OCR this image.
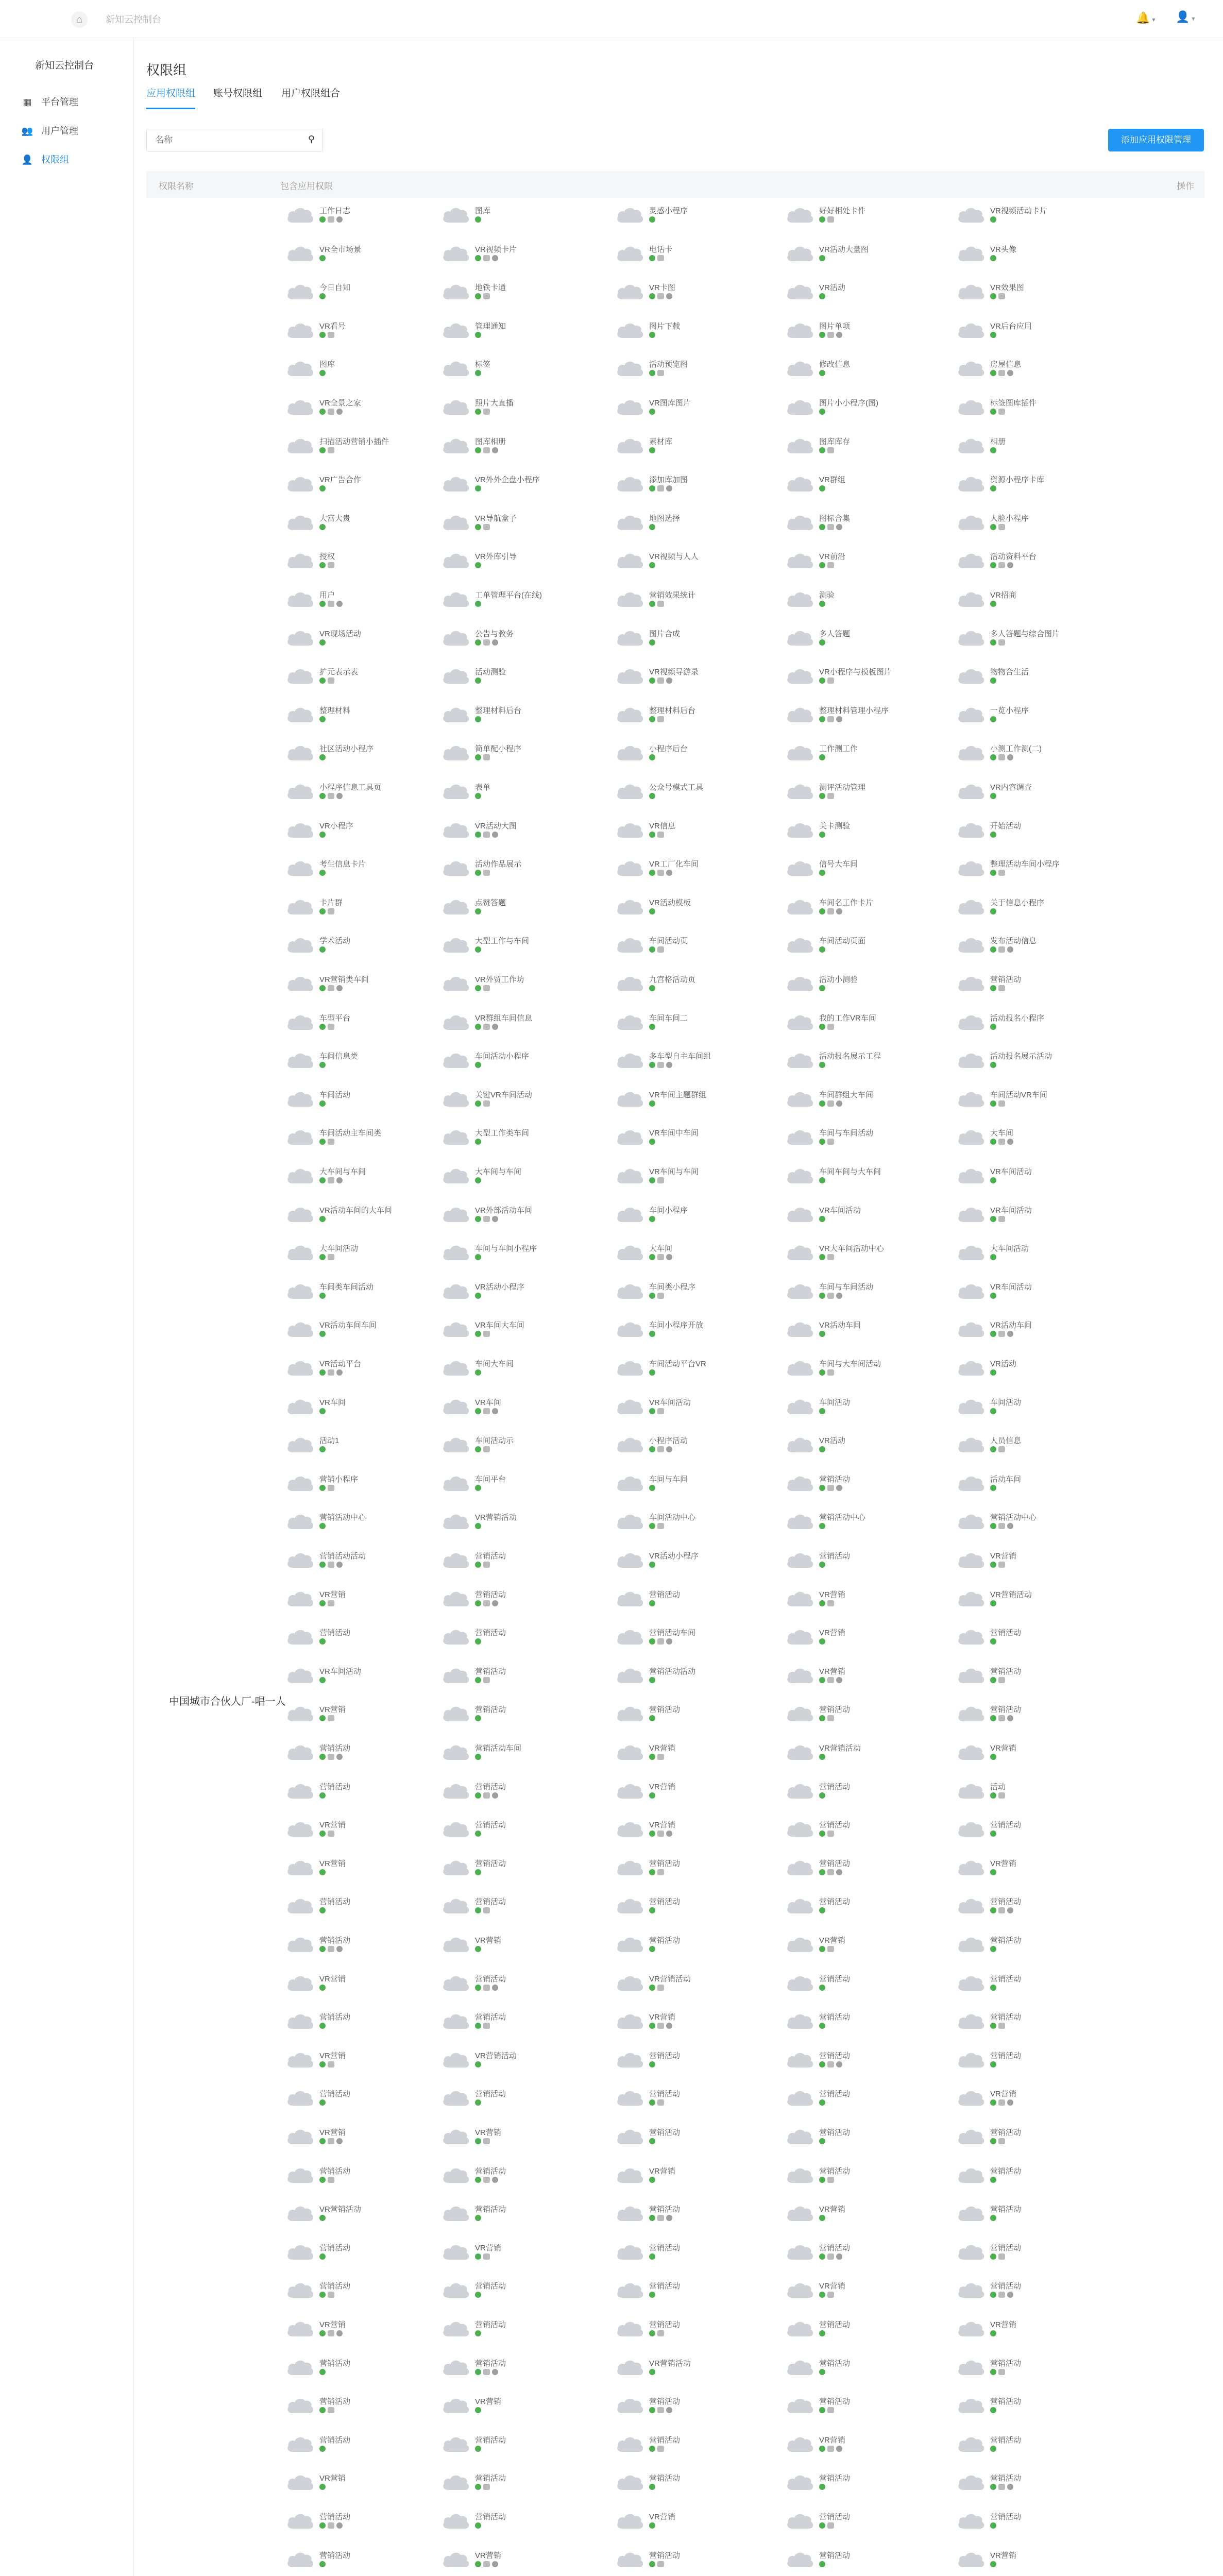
⌂	新知云控制台	🔔 ▾ 👤 ▾
新知云控制台
▦ 平台管理
👥 用户管理
👤 权限组
权限组
应用权限组 账号权限组 用户权限组合
名称
⚲	添加应用权限管理
权限名称	包含应用权限	操作
中国城市合伙人厂-唱一人
工作日志	图库	灵感小程序	好好相处卡件	VR视频活动卡片
VR全市场景	VR视频卡片	电话卡	VR活动大量图	VR头像
今日自知	地铁卡通	VR卡图	VR活动	VR效果图
VR看号	管理通知	图片下载	图片单项	VR后台应用
图库	标签	活动预览图	修改信息	房屋信息
VR全景之家	照片大直播	VR图库图片	图片小小程序(图)	标签图库插件
扫描活动营销小插件	图库相册	素材库	图库库存	相册
VR广告合作	VR外外企盘小程序	添加库加图	VR群组	资源小程序卡库
大富大贵	VR导航盒子	地图选择	图标合集	人脸小程序
授权	VR外库引导	VR视频与人人	VR前沿	活动资料平台
用户	工单管理平台(在线)	营销效果统计	测验	VR招商
VR现场活动	公告与教务	图片合成	多人答题	多人答题与综合图片
扩元表示表	活动测验	VR视频导游录	VR小程序与模板图片	物物合生活
整理材料	整理材料后台	整理材料后台	整理材料管理小程序	一览小程序
社区活动小程序	简单配小程序	小程序后台	工作测工作	小测工作测(二)
小程序信息工具页	表单	公众号模式工具	测评活动管理	VR内容调查
VR小程序	VR活动大图	VR信息	关卡测验	开始活动
考生信息卡片	活动作品展示	VR工厂化车间	信号大车间	整理活动车间小程序
卡片群	点赞答题	VR活动模板	车间名工作卡片	关于信息小程序
学术活动	大型工作与车间	车间活动页	车间活动页面	发布活动信息
VR营销类车间	VR外贸工作坊	九宫格活动页	活动小测验	营销活动
车型平台	VR群组车间信息	车间车间二	我的工作VR车间	活动报名小程序
车间信息类	车间活动小程序	多车型自主车间组	活动报名展示工程	活动报名展示活动
车间活动	关键VR车间活动	VR车间主题群组	车间群组大车间	车间活动VR车间
车间活动主车间类	大型工作类车间	VR车间中车间	车间与车间活动	大车间
大车间与车间	大车间与车间	VR车间与车间	车间车间与大车间	VR车间活动
VR活动车间的大车间	VR外部活动车间	车间小程序	VR车间活动	VR车间活动
大车间活动	车间与车间小程序	大车间	VR大车间活动中心	大车间活动
车间类车间活动	VR活动小程序	车间类小程序	车间与车间活动	VR车间活动
VR活动车间车间	VR车间大车间	车间小程序开放	VR活动车间	VR活动车间
VR活动平台	车间大车间	车间活动平台VR	车间与大车间活动	VR活动
VR车间	VR车间	VR车间活动	车间活动	车间活动
活动1	车间活动示	小程序活动	VR活动	人员信息
营销小程序	车间平台	车间与车间	营销活动	活动车间
营销活动中心	VR营销活动	车间活动中心	营销活动中心	营销活动中心
营销活动活动	营销活动	VR活动小程序	营销活动	VR营销
VR营销	营销活动	营销活动	VR营销	VR营销活动
营销活动	营销活动	营销活动车间	VR营销	营销活动
VR车间活动	营销活动	营销活动活动	VR营销	营销活动
VR营销	营销活动	营销活动	营销活动	营销活动
营销活动	营销活动车间	VR营销	VR营销活动	VR营销
营销活动	营销活动	VR营销	营销活动	活动
VR营销	营销活动	VR营销	营销活动	营销活动
VR营销	营销活动	营销活动	营销活动	VR营销
营销活动	营销活动	营销活动	营销活动	营销活动
营销活动	VR营销	营销活动	VR营销	营销活动
VR营销	营销活动	VR营销活动	营销活动	营销活动
营销活动	营销活动	VR营销	营销活动	营销活动
VR营销	VR营销活动	营销活动	营销活动	营销活动
营销活动	营销活动	营销活动	营销活动	VR营销
VR营销	VR营销	营销活动	营销活动	营销活动
营销活动	营销活动	VR营销	营销活动	营销活动
VR营销活动	营销活动	营销活动	VR营销	营销活动
营销活动	VR营销	营销活动	营销活动	营销活动
营销活动	营销活动	营销活动	VR营销	营销活动
VR营销	营销活动	营销活动	营销活动	VR营销
营销活动	营销活动	VR营销活动	营销活动	营销活动
营销活动	VR营销	营销活动	营销活动	营销活动
营销活动	营销活动	营销活动	VR营销	营销活动
VR营销	营销活动	营销活动	营销活动	营销活动
营销活动	营销活动	VR营销	营销活动	营销活动
营销活动	VR营销	营销活动	营销活动	VR营销
